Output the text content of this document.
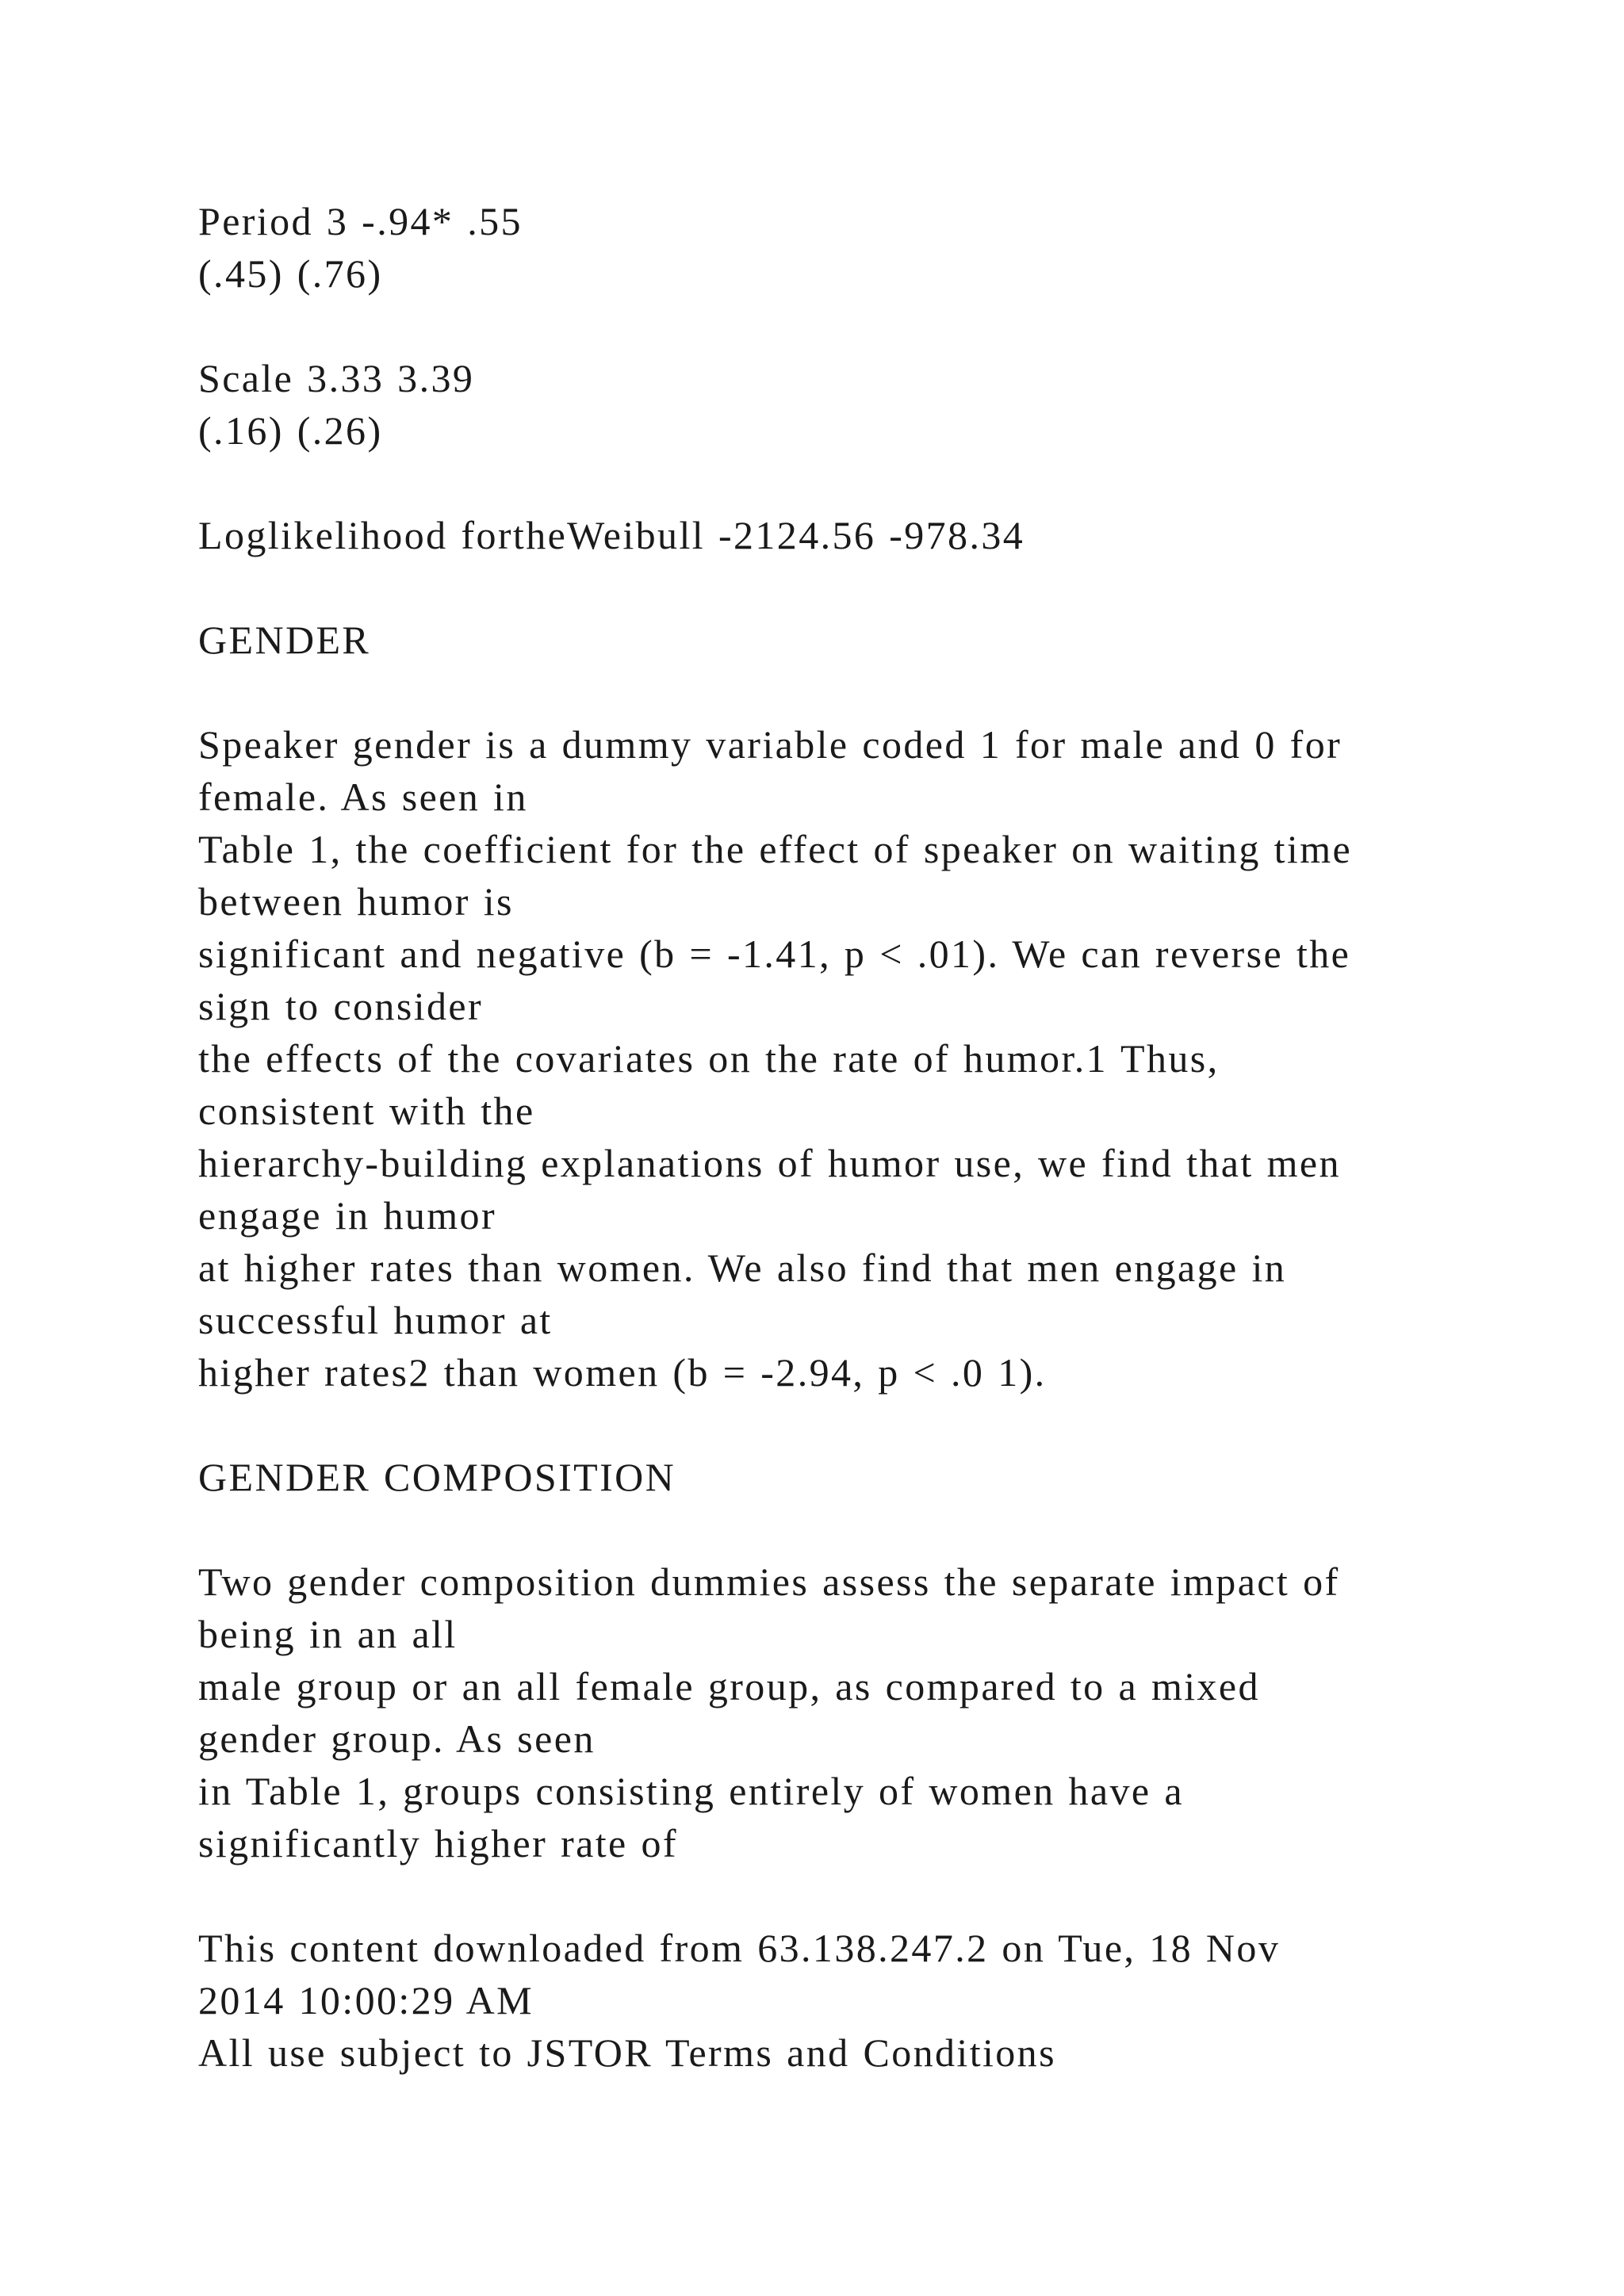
Period 3 -.94* .55
(.45) (.76)
Scale 3.33 3.39
(.16) (.26)
Loglikelihood fortheWeibull -2124.56 -978.34
GENDER
Speaker gender is a dummy variable coded 1 for male and 0 for
female. As seen in
Table 1, the coefficient for the effect of speaker on waiting time
between humor is
significant and negative (b = -1.41, p < .01). We can reverse the
sign to consider
the effects of the covariates on the rate of humor.1 Thus,
consistent with the
hierarchy-building explanations of humor use, we find that men
engage in humor
at higher rates than women. We also find that men engage in
successful humor at
higher rates2 than women (b = -2.94, p < .0 1).
GENDER COMPOSITION
Two gender composition dummies assess the separate impact of
being in an all
male group or an all female group, as compared to a mixed
gender group. As seen
in Table 1, groups consisting entirely of women have a
significantly higher rate of
This content downloaded from 63.138.247.2 on Tue, 18 Nov
2014 10:00:29 AM
All use subject to JSTOR Terms and Conditions
